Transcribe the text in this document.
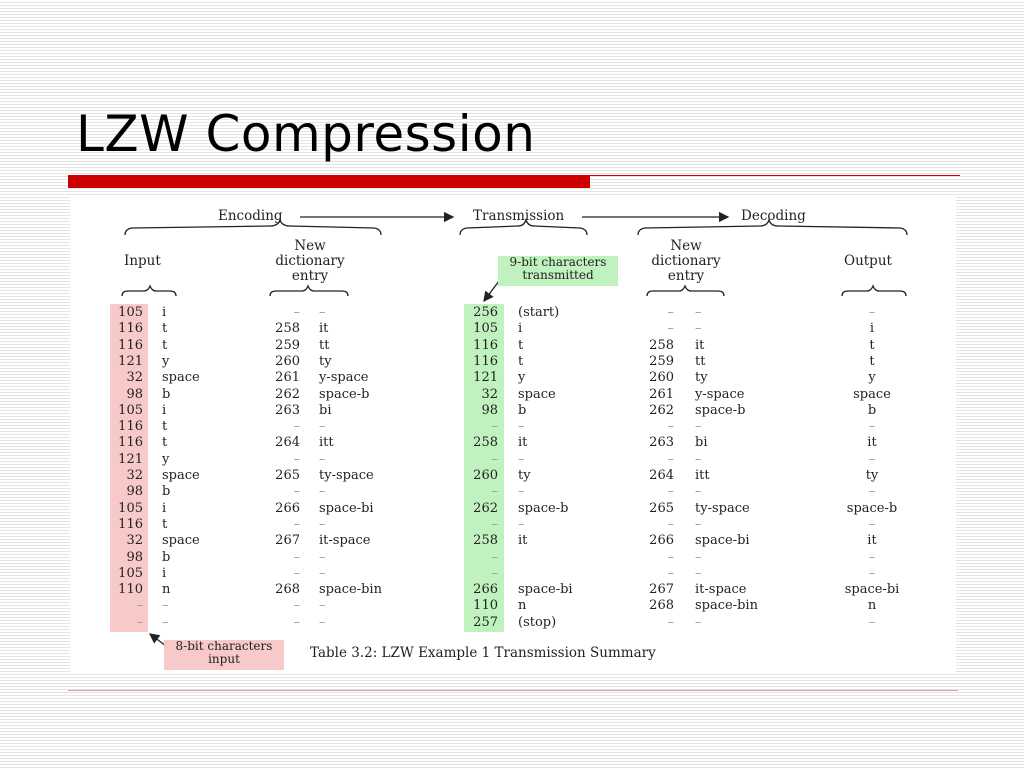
LZW Compression
Encoding	Transmission	Decoding
Input
New
dictionary
entry
New
dictionary
entry
Output
9-bit characters
transmitted
8-bit characters
input
105 i	– –	256 (start)	– –	–
116 t	258 it	105 i	– –	i
116 t	259 tt	116 t	258 it	t
121 y	260 ty	116 t	259 tt	t
32 space	261 y-space	121 y	260 ty	y
98 b	262 space-b	32 space	261 y-space	space
105 i	263 bi	98 b	262 space-b	b
116 t	– –	– –	– –	–
116 t	264 itt	258 it	263 bi	it
121 y	– –	– –	– –	–
32 space	265 ty-space	260 ty	264 itt	ty
98 b	– –	– –	– –	–
105 i	266 space-bi	262 space-b	265 ty-space	space-b
116 t	– –	– –	– –	–
32 space	267 it-space	258 it	266 space-bi	it
98 b	– –	–	– –	–
105 i	– –	–	– –	–
110 n	268 space-bin	266 space-bi	267 it-space	space-bi
– –	– –	110 n	268 space-bin	n
– –	– –	257 (stop)	– –	–
Table 3.2: LZW Example 1 Transmission Summary
